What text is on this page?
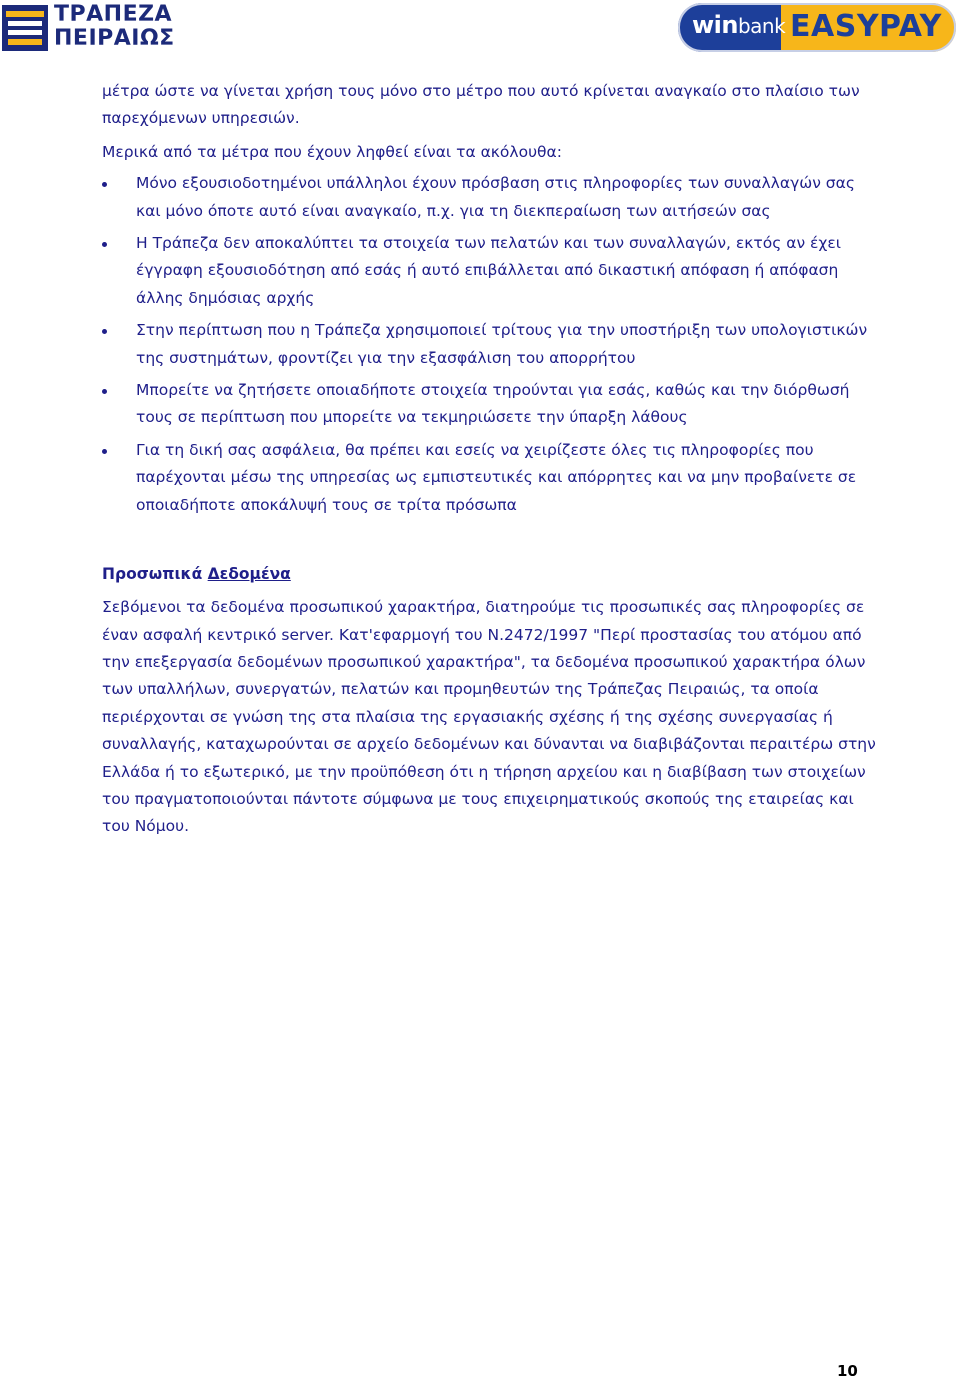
ΤΡΑΠΕΖΑ
ΠΕΙΡΑΙΩΣ	winbank EASYPAY

μέτρα ώστε να γίνεται χρήση τους μόνο στο μέτρο που αυτό κρίνεται αναγκαίο στο πλαίσιο των παρεχόμενων υπηρεσιών.

Μερικά από τα μέτρα που έχουν ληφθεί είναι τα ακόλουθα:

Μόνο εξουσιοδοτημένοι υπάλληλοι έχουν πρόσβαση στις πληροφορίες των συναλλαγών σας και μόνο όποτε αυτό είναι αναγκαίο, π.χ. για τη διεκπεραίωση των αιτήσεών σας
Η Τράπεζα δεν αποκαλύπτει τα στοιχεία των πελατών και των συναλλαγών, εκτός αν έχει έγγραφη εξουσιοδότηση από εσάς ή αυτό επιβάλλεται από δικαστική απόφαση ή απόφαση άλλης δημόσιας αρχής
Στην περίπτωση που η Τράπεζα χρησιμοποιεί τρίτους για την υποστήριξη των υπολογιστικών της συστημάτων, φροντίζει για την εξασφάλιση του απορρήτου
Μπορείτε να ζητήσετε οποιαδήποτε στοιχεία τηρούνται για εσάς, καθώς και την διόρθωσή τους σε περίπτωση που μπορείτε να τεκμηριώσετε την ύπαρξη λάθους
Για τη δική σας ασφάλεια, θα πρέπει και εσείς να χειρίζεστε όλες τις πληροφορίες που παρέχονται μέσω της υπηρεσίας ως εμπιστευτικές και απόρρητες και να μην προβαίνετε σε οποιαδήποτε αποκάλυψή τους σε τρίτα πρόσωπα
Προσωπικά Δεδομένα

Σεβόμενοι τα δεδομένα προσωπικού χαρακτήρα, διατηρούμε τις προσωπικές σας πληροφορίες σε έναν ασφαλή κεντρικό server. Κατ'εφαρμογή του Ν.2472/1997 "Περί προστασίας του ατόμου από την επεξεργασία δεδομένων προσωπικού χαρακτήρα", τα δεδομένα προσωπικού χαρακτήρα όλων των υπαλλήλων, συνεργατών, πελατών και προμηθευτών της Τράπεζας Πειραιώς, τα οποία περιέρχονται σε γνώση της στα πλαίσια της εργασιακής σχέσης ή της σχέσης συνεργασίας ή συναλλαγής, καταχωρούνται σε αρχείο δεδομένων και δύνανται να διαβιβάζονται περαιτέρω στην Ελλάδα ή το εξωτερικό, με την προϋπόθεση ότι η τήρηση αρχείου και η διαβίβαση των στοιχείων του πραγματοποιούνται πάντοτε σύμφωνα με τους επιχειρηματικούς σκοπούς της εταιρείας και του Νόμου.

10
